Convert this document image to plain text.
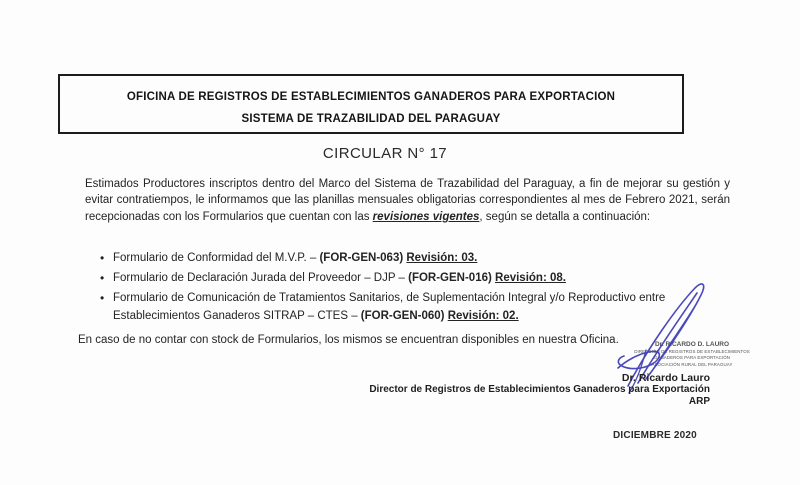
OFICINA DE REGISTROS DE ESTABLECIMIENTOS GANADEROS PARA EXPORTACION
SISTEMA DE TRAZABILIDAD DEL PARAGUAY
CIRCULAR N° 17

Estimados Productores inscriptos dentro del Marco del Sistema de Trazabilidad del Paraguay, a fin de mejorar su gestión y evitar contratiempos, le informamos que las planillas mensuales obligatorias correspondientes al mes de Febrero 2021, serán recepcionadas con los Formularios que cuentan con las revisiones vigentes, según se detalla a continuación:

• Formulario de Conformidad del M.V.P. – (FOR-GEN-063) Revisión: 03.
• Formulario de Declaración Jurada del Proveedor – DJP – (FOR-GEN-016) Revisión: 08.
• Formulario de Comunicación de Tratamientos Sanitarios, de Suplementación Integral y/o Reproductivo entre Establecimientos Ganaderos SITRAP – CTES – (FOR-GEN-060) Revisión: 02.

En caso de no contar con stock de Formularios, los mismos se encuentran disponibles en nuestra Oficina.	Dr. RICARDO D. LAURO
DIRECCIÓN DE REGISTROS DE ESTABLECIMIENTOS
GANADEROS PARA EXPORTACIÓN
ASOCIACIÓN RURAL DEL PARAGUAY
Dr. Ricardo Lauro
Director de Registros de Establecimientos Ganaderos para Exportación
ARP
DICIEMBRE 2020
